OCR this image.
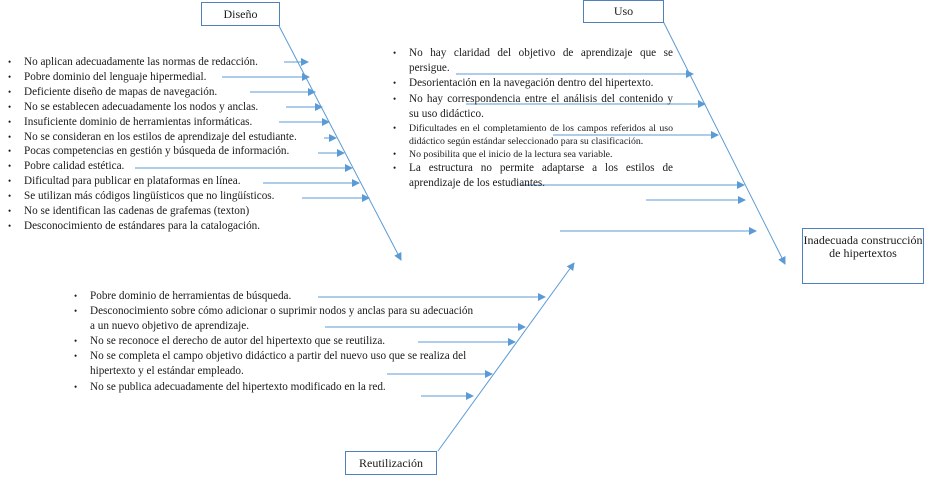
Diseño	Uso
Reutilización
Inadecuada construcción de hipertextos
• No aplican adecuadamente las normas de redacción.
• Pobre dominio del lenguaje hipermedial.
• Deficiente diseño de mapas de navegación.
• No se establecen adecuadamente los nodos y anclas.
• Insuficiente dominio de herramientas informáticas.
• No se consideran en los estilos de aprendizaje del estudiante.
• Pocas competencias en gestión y búsqueda de información.
• Pobre calidad estética.
• Dificultad para publicar en plataformas en línea.
• Se utilizan más códigos lingüísticos que no lingüísticos.
• No se identifican las cadenas de grafemas (texton)
• Desconocimiento de estándares para la catalogación.
• No hay claridad del objetivo de aprendizaje que se persigue.
• Desorientación en la navegación dentro del hipertexto.
• No hay correspondencia entre el análisis del contenido y su uso didáctico.
• Dificultades en el completamiento de los campos referidos al uso didáctico según estándar seleccionado para su clasificación.
• No posibilita que el inicio de la lectura sea variable.
• La estructura no permite adaptarse a los estilos de aprendizaje de los estudiantes.
• Pobre dominio de herramientas de búsqueda.
• Desconocimiento sobre cómo adicionar o suprimir nodos y anclas para su adecuación a un nuevo objetivo de aprendizaje.
• No se reconoce el derecho de autor del hipertexto que se reutiliza.
• No se completa el campo objetivo didáctico a partir del nuevo uso que se realiza del hipertexto y el estándar empleado.
• No se publica adecuadamente del hipertexto modificado en la red.
